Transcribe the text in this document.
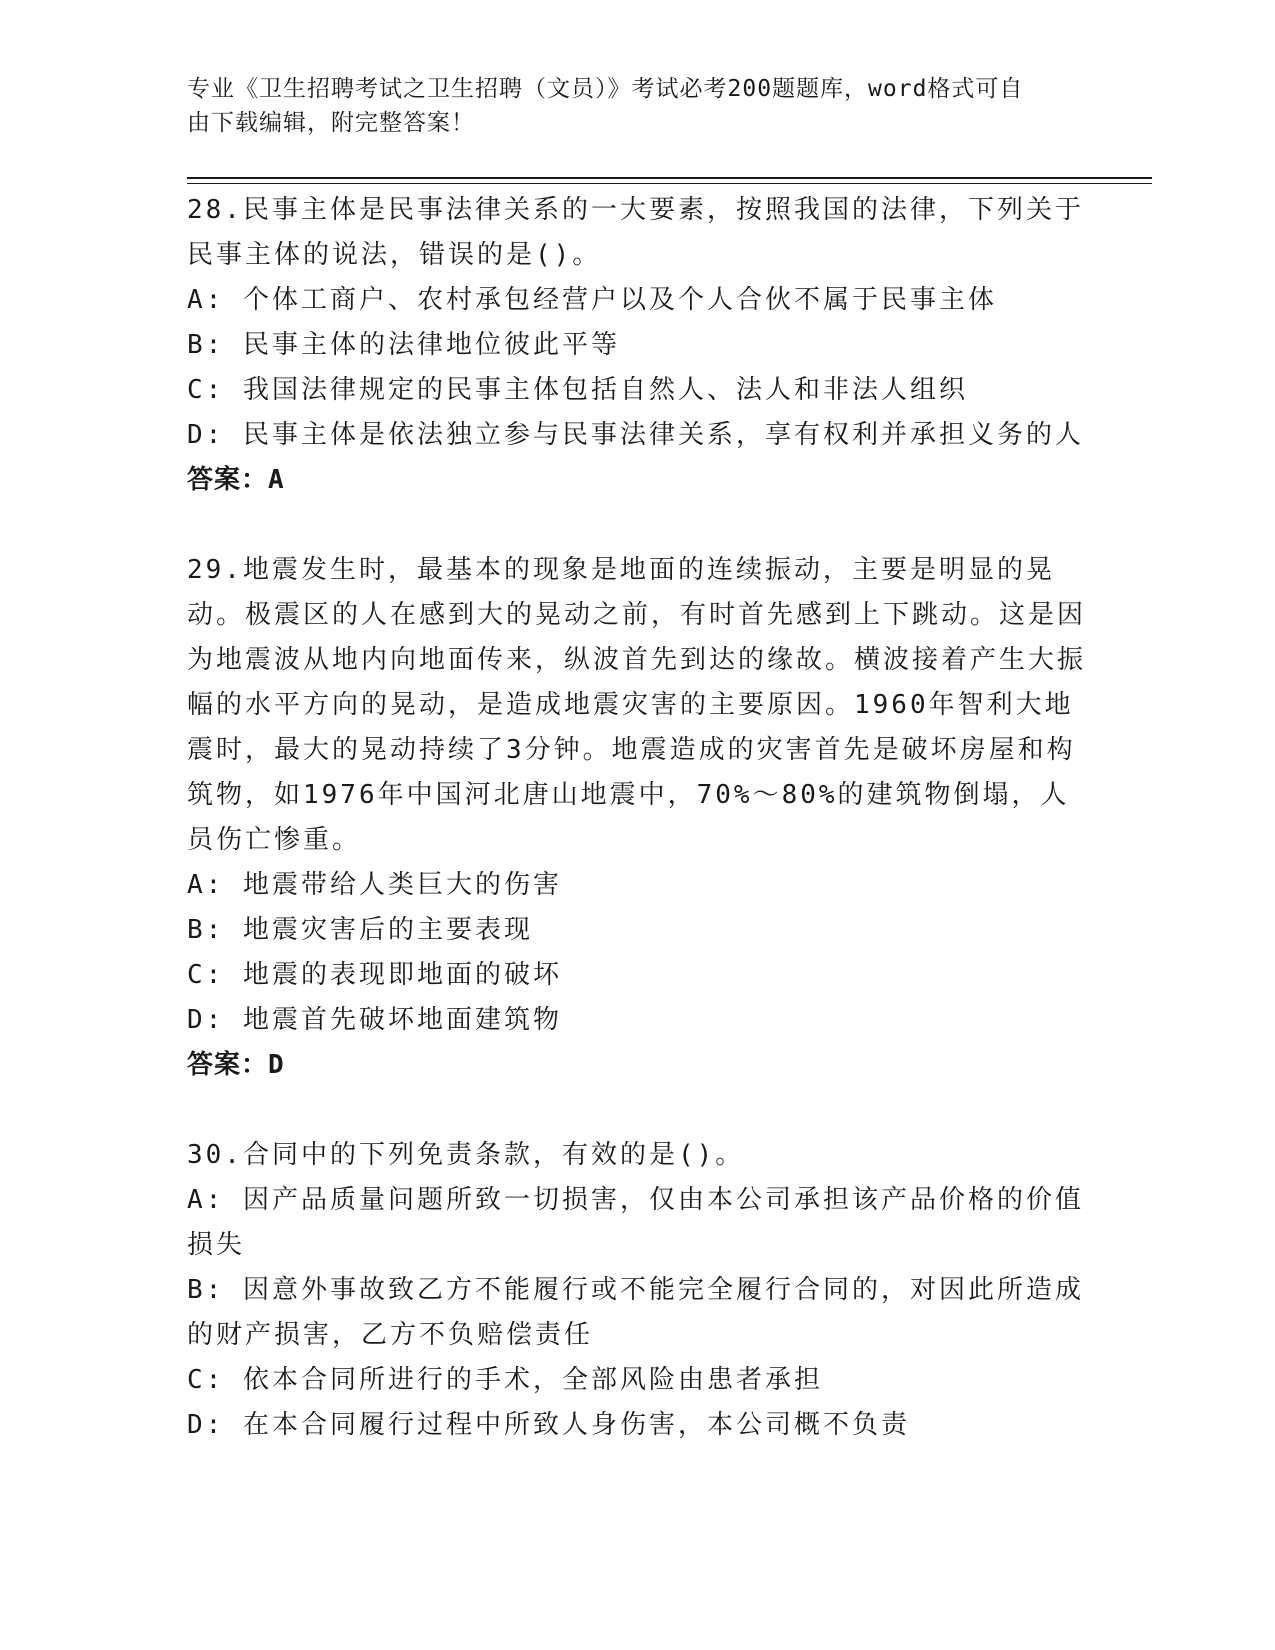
专业《卫生招聘考试之卫生招聘（文员）》考试必考200题题库，word格式可自
由下载编辑，附完整答案！

28.民事主体是民事法律关系的一大要素，按照我国的法律，下列关于民事主体的说法，错误的是()。

A: 个体工商户、农村承包经营户以及个人合伙不属于民事主体

B: 民事主体的法律地位彼此平等

C: 我国法律规定的民事主体包括自然人、法人和非法人组织

D: 民事主体是依法独立参与民事法律关系，享有权利并承担义务的人

答案：A

29.地震发生时，最基本的现象是地面的连续振动，主要是明显的晃动。极震区的人在感到大的晃动之前，有时首先感到上下跳动。这是因为地震波从地内向地面传来，纵波首先到达的缘故。横波接着产生大振幅的水平方向的晃动，是造成地震灾害的主要原因。1960年智利大地震时，最大的晃动持续了3分钟。地震造成的灾害首先是破坏房屋和构筑物，如1976年中国河北唐山地震中，70%～80%的建筑物倒塌，人员伤亡惨重。

A: 地震带给人类巨大的伤害

B: 地震灾害后的主要表现

C: 地震的表现即地面的破坏

D: 地震首先破坏地面建筑物

答案：D

30.合同中的下列免责条款，有效的是()。

A: 因产品质量问题所致一切损害，仅由本公司承担该产品价格的价值损失

B: 因意外事故致乙方不能履行或不能完全履行合同的，对因此所造成的财产损害，乙方不负赔偿责任

C: 依本合同所进行的手术，全部风险由患者承担

D: 在本合同履行过程中所致人身伤害，本公司概不负责
